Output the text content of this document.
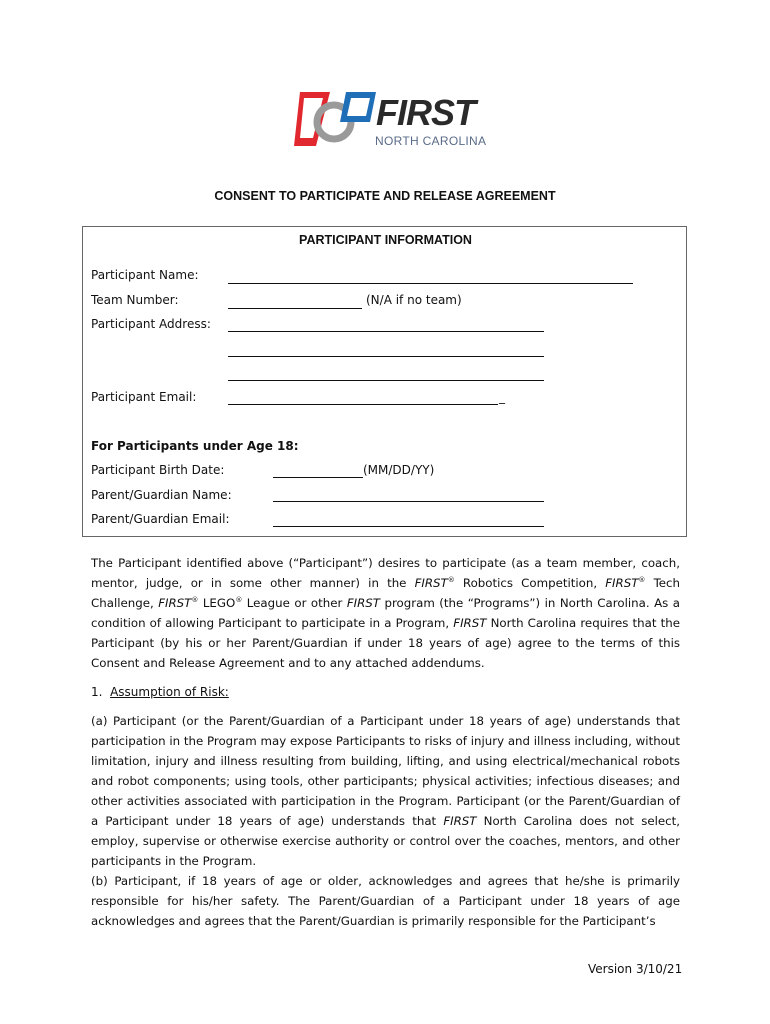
FIRST
NORTH CAROLINA
CONSENT TO PARTICIPATE AND RELEASE AGREEMENT
PARTICIPANT INFORMATION
Participant Name:
Team Number:	(N/A if no team)
Participant Address:
Participant Email:	_
For Participants under Age 18:
Participant Birth Date:	(MM/DD/YY)
Parent/Guardian Name:
Parent/Guardian Email:
The Participant identified above (“Participant”) desires to participate (as a team member, coach, mentor, judge, or in some other manner) in the FIRST® Robotics Competition, FIRST® Tech Challenge, FIRST® LEGO® League or other FIRST program (the “Programs”) in North Carolina. As a condition of allowing Participant to participate in a Program, FIRST North Carolina requires that the Participant (by his or her Parent/Guardian if under 18 years of age) agree to the terms of this Consent and Release Agreement and to any attached addendums.
1. Assumption of Risk:
(a) Participant (or the Parent/Guardian of a Participant under 18 years of age) understands that participation in the Program may expose Participants to risks of injury and illness including, without limitation, injury and illness resulting from building, lifting, and using electrical/mechanical robots and robot components; using tools, other participants; physical activities; infectious diseases; and other activities associated with participation in the Program. Participant (or the Parent/Guardian of a Participant under 18 years of age) understands that FIRST North Carolina does not select, employ, supervise or otherwise exercise authority or control over the coaches, mentors, and other participants in the Program.
(b) Participant, if 18 years of age or older, acknowledges and agrees that he/she is primarily responsible for his/her safety. The Parent/Guardian of a Participant under 18 years of age acknowledges and agrees that the Parent/Guardian is primarily responsible for the Participant’s
Version 3/10/21
